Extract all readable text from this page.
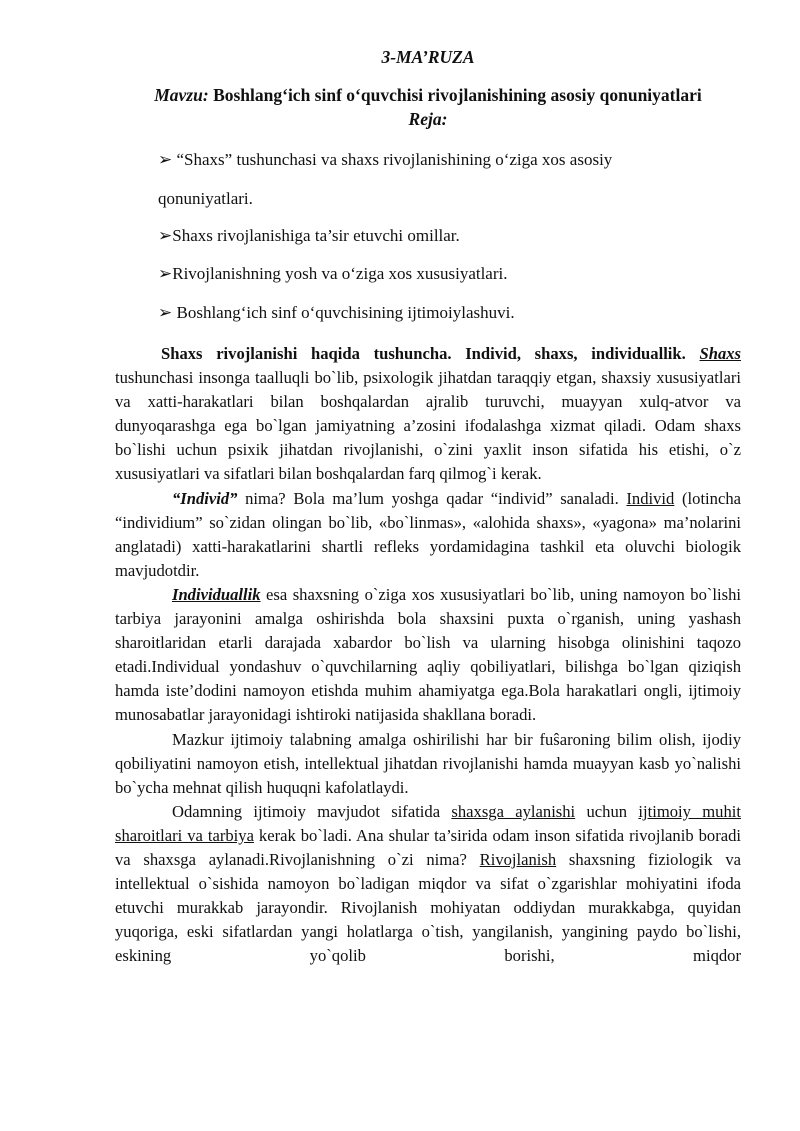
3-MA’RUZA
Mavzu: Boshlang‘ich sinf o‘quvchisi rivojlanishining asosiy qonuniyatlari
Reja:
➢ “Shaxs” tushunchasi va shaxs rivojlanishining o‘ziga xos asosiy
qonuniyatlari.
➢Shaxs rivojlanishiga ta’sir etuvchi omillar.
➢Rivojlanishning yosh va o‘ziga xos xususiyatlari.
➢ Boshlang‘ich sinf o‘quvchisining ijtimoiylashuvi.

Shaxs rivojlanishi haqida tushuncha. Individ, shaxs, individuallik. Shaxs tushunchasi insonga taalluqli bo`lib, psixologik jihatdan taraqqiy etgan, shaxsiy xususiyatlari va xatti-harakatlari bilan boshqalardan ajralib turuvchi, muayyan xulq-atvor va dunyoqarashga ega bo`lgan jamiyatning a’zosini ifodalashga xizmat qiladi. Odam shaxs bo`lishi uchun psixik jihatdan rivojlanishi, o`zini yaxlit inson sifatida his etishi, o`z xususiyatlari va sifatlari bilan boshqalardan farq qilmog`i kerak.

“Individ” nima? Bola ma’lum yoshga qadar “individ” sanaladi. Individ (lotincha “individium” so`zidan olingan bo`lib, «bo`linmas», «alohida shaxs», «yagona» ma’nolarini anglatadi) xatti-harakatlarini shartli refleks yordamidagina tashkil eta oluvchi biologik mavjudotdir.

Individuallik esa shaxsning o`ziga xos xususiyatlari bo`lib, uning namoyon bo`lishi tarbiya jarayonini amalga oshirishda bola shaxsini puxta o`rganish, uning yashash sharoitlaridan etarli darajada xabardor bo`lish va ularning hisobga olinishini taqozo etadi.Individual yondashuv o`quvchilarning aqliy qobiliyatlari, bilishga bo`lgan qiziqish hamda iste’dodini namoyon etishda muhim ahamiyatga ega.Bola harakatlari ongli, ijtimoiy munosabatlar jarayonidagi ishtiroki natijasida shakllana boradi.

Mazkur ijtimoiy talabning amalga oshirilishi har bir fuŝaroning bilim olish, ijodiy qobiliyatini namoyon etish, intellektual jihatdan rivojlanishi hamda muayyan kasb yo`nalishi bo`ycha mehnat qilish huquqni kafolatlaydi.

Odamning ijtimoiy mavjudot sifatida shaxsga aylanishi uchun ijtimoiy muhit sharoitlari va tarbiya kerak bo`ladi. Ana shular ta’sirida odam inson sifatida rivojlanib boradi va shaxsga aylanadi.Rivojlanishning o`zi nima? Rivojlanish shaxsning fiziologik va intellektual o`sishida namoyon bo`ladigan miqdor va sifat o`zgarishlar mohiyatini ifoda etuvchi murakkab jarayondir. Rivojlanish mohiyatan oddiydan murakkabga, quyidan yuqoriga, eski sifatlardan yangi holatlarga o`tish, yangilanish, yangining paydo bo`lishi, eskining yo`qolib borishi, miqdor
